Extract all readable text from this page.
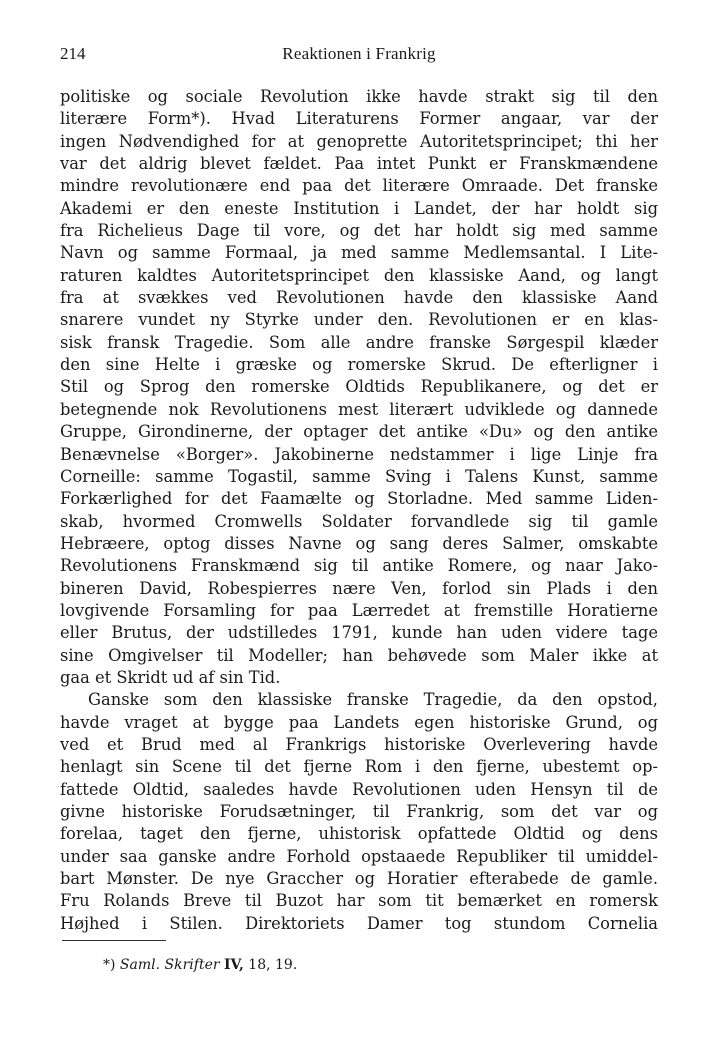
214	Reaktionen i Frankrig
politiske og sociale Revolution ikke havde strakt sig til den
literære Form*). Hvad Literaturens Former angaar, var der
ingen Nødvendighed for at genoprette Autoritetsprincipet; thi her
var det aldrig blevet fældet. Paa intet Punkt er Franskmændene
mindre revolutionære end paa det literære Omraade. Det franske
Akademi er den eneste Institution i Landet, der har holdt sig
fra Richelieus Dage til vore, og det har holdt sig med samme
Navn og samme Formaal, ja med samme Medlemsantal. I Lite-
raturen kaldtes Autoritetsprincipet den klassiske Aand, og langt
fra at svækkes ved Revolutionen havde den klassiske Aand
snarere vundet ny Styrke under den. Revolutionen er en klas-
sisk fransk Tragedie. Som alle andre franske Sørgespil klæder
den sine Helte i græske og romerske Skrud. De efterligner i
Stil og Sprog den romerske Oldtids Republikanere, og det er
betegnende nok Revolutionens mest literært udviklede og dannede
Gruppe, Girondinerne, der optager det antike «Du» og den antike
Benævnelse «Borger». Jakobinerne nedstammer i lige Linje fra
Corneille: samme Togastil, samme Sving i Talens Kunst, samme
Forkærlighed for det Faamælte og Storladne. Med samme Liden-
skab, hvormed Cromwells Soldater forvandlede sig til gamle
Hebræere, optog disses Navne og sang deres Salmer, omskabte
Revolutionens Franskmænd sig til antike Romere, og naar Jako-
bineren David, Robespierres nære Ven, forlod sin Plads i den
lovgivende Forsamling for paa Lærredet at fremstille Horatierne
eller Brutus, der udstilledes 1791, kunde han uden videre tage
sine Omgivelser til Modeller; han behøvede som Maler ikke at
gaa et Skridt ud af sin Tid.
Ganske som den klassiske franske Tragedie, da den opstod,
havde vraget at bygge paa Landets egen historiske Grund, og
ved et Brud med al Frankrigs historiske Overlevering havde
henlagt sin Scene til det fjerne Rom i den fjerne, ubestemt op-
fattede Oldtid, saaledes havde Revolutionen uden Hensyn til de
givne historiske Forudsætninger, til Frankrig, som det var og
forelaa, taget den fjerne, uhistorisk opfattede Oldtid og dens
under saa ganske andre Forhold opstaaede Republiker til umiddel-
bart Mønster. De nye Graccher og Horatier efterabede de gamle.
Fru Rolands Breve til Buzot har som tit bemærket en romersk
Højhed i Stilen. Direktoriets Damer tog stundom Cornelia
*) Saml. Skrifter IV, 18, 19.
